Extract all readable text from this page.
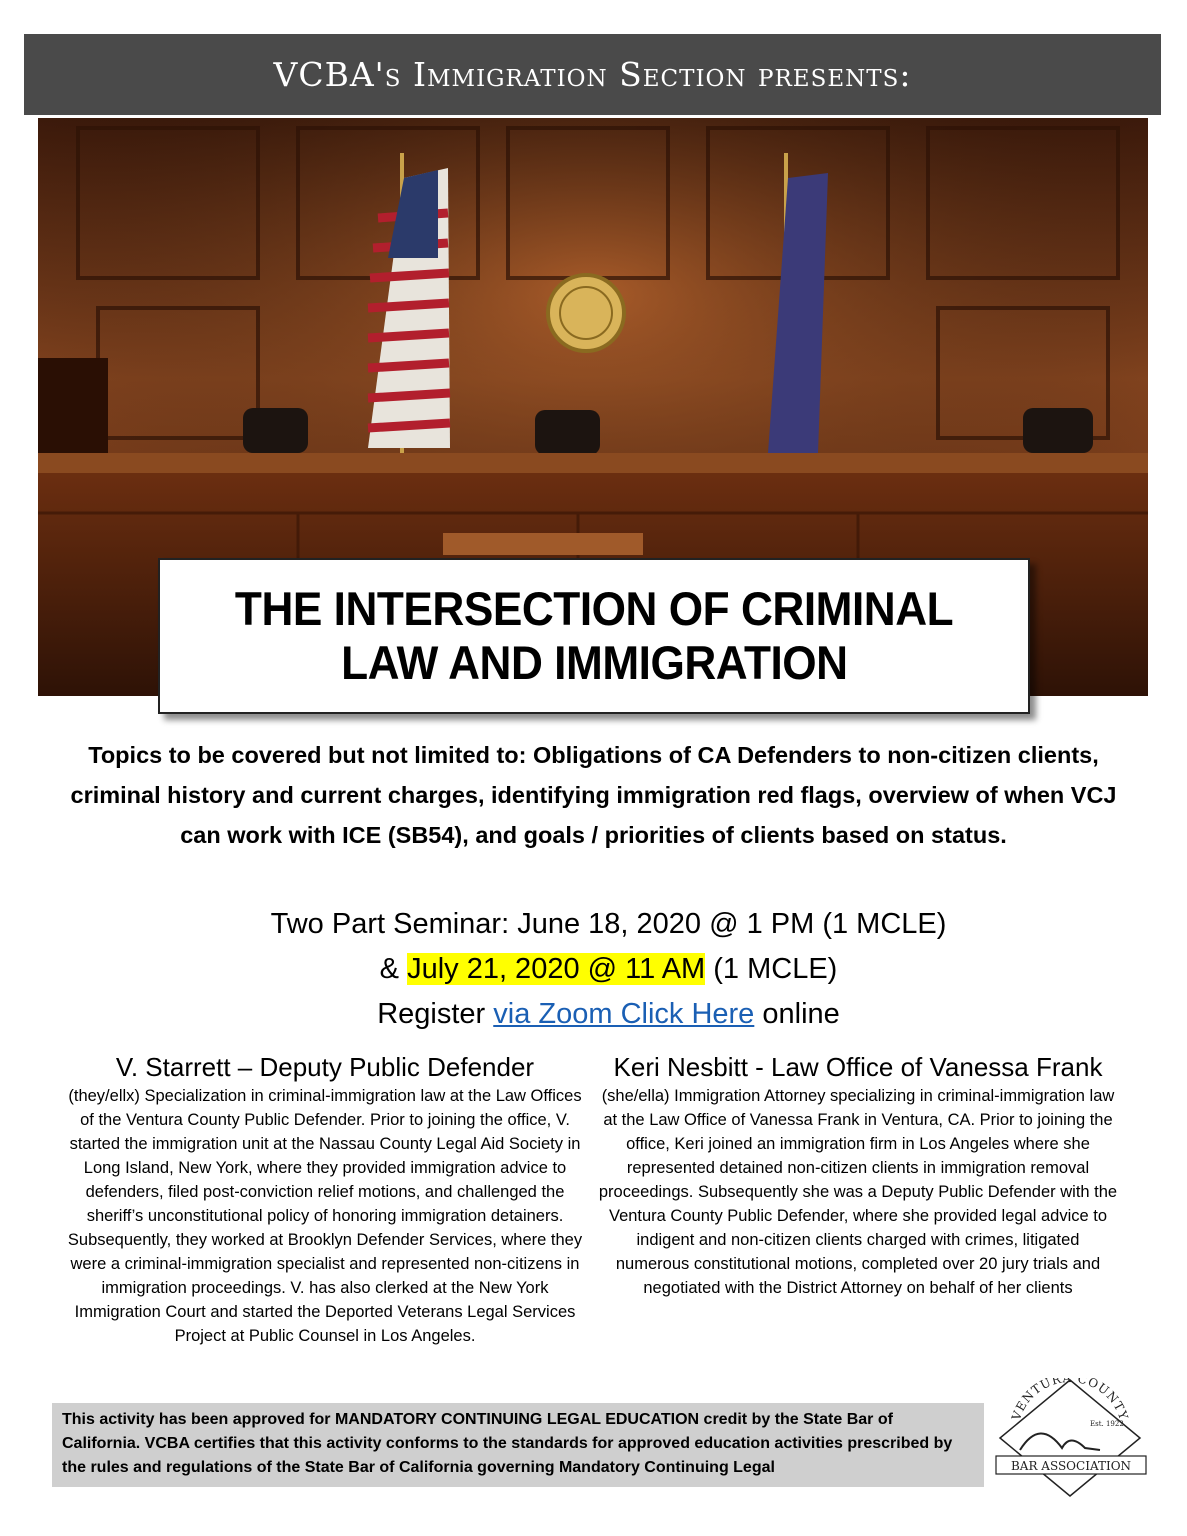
VCBA's Immigration Section presents:
THE INTERSECTION OF CRIMINAL
LAW AND IMMIGRATION
Topics to be covered but not limited to: Obligations of CA Defenders to non-citizen clients, criminal history and current charges, identifying immigration red flags, overview of when VCJ can work with ICE (SB54), and goals / priorities of clients based on status.
Two Part Seminar: June 18, 2020 @ 1 PM (1 MCLE)
& July 21, 2020 @ 11 AM (1 MCLE)
Register via Zoom Click Here online
V. Starrett – Deputy Public Defender
(they/ellx) Specialization in criminal-immigration law at the Law Offices of the Ventura County Public Defender. Prior to joining the office, V. started the immigration unit at the Nassau County Legal Aid Society in Long Island, New York, where they provided immigration advice to defenders, filed post-conviction relief motions, and challenged the sheriff’s unconstitutional policy of honoring immigration detainers. Subsequently, they worked at Brooklyn Defender Services, where they were a criminal-immigration specialist and represented non-citizens in immigration proceedings. V. has also clerked at the New York Immigration Court and started the Deported Veterans Legal Services Project at Public Counsel in Los Angeles.
Keri Nesbitt - Law Office of Vanessa Frank
(she/ella) Immigration Attorney specializing in criminal-immigration law at the Law Office of Vanessa Frank in Ventura, CA. Prior to joining the office, Keri joined an immigration firm in Los Angeles where she represented detained non-citizen clients in immigration removal proceedings. Subsequently she was a Deputy Public Defender with the Ventura County Public Defender, where she provided legal advice to indigent and non-citizen clients charged with crimes, litigated numerous constitutional motions, completed over 20 jury trials and negotiated with the District Attorney on behalf of her clients
This activity has been approved for MANDATORY CONTINUING LEGAL EDUCATION credit by the State Bar of California. VCBA certifies that this activity conforms to the standards for approved education activities prescribed by the rules and regulations of the State Bar of California governing Mandatory Continuing Legal
VENTURA COUNTY
Est. 1922
BAR ASSOCIATION
